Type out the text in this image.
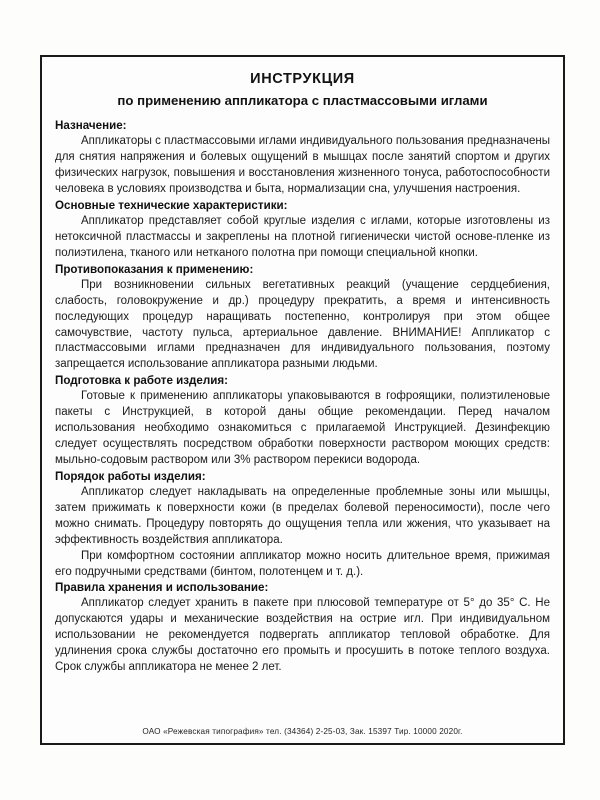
ИНСТРУКЦИЯ
по применению аппликатора с пластмассовыми иглами
Назначение:

Аппликаторы с пластмассовыми иглами индивидуального пользования предназначены для снятия напряжения и болевых ощущений в мышцах после занятий спортом и других физических нагрузок, повышения и восстановления жизненного тонуса, работоспособности человека в условиях производства и быта, нормализации сна, улучшения настроения.

Основные технические характеристики:

Аппликатор представляет собой круглые изделия с иглами, которые изготовлены из нетоксичной пластмассы и закреплены на плотной гигиенически чистой основе-пленке из полиэтилена, тканого или нетканого полотна при помощи специальной кнопки.

Противопоказания к применению:

При возникновении сильных вегетативных реакций (учащение сердцебиения, слабость, головокружение и др.) процедуру прекратить, а время и интенсивность последующих процедур наращивать постепенно, контролируя при этом общее самочувствие, частоту пульса, артериальное давление. ВНИМАНИЕ! Аппликатор с пластмассовыми иглами предназначен для индивидуального пользования, поэтому запрещается использование аппликатора разными людьми.

Подготовка к работе изделия:

Готовые к применению аппликаторы упаковываются в гофроящики, полиэтиленовые пакеты с Инструкцией, в которой даны общие рекомендации. Перед началом использования необходимо ознакомиться с прилагаемой Инструкцией. Дезинфекцию следует осуществлять посредством обработки поверхности раствором моющих средств: мыльно-содовым раствором или 3% раствором перекиси водорода.

Порядок работы изделия:

Аппликатор следует накладывать на определенные проблемные зоны или мышцы, затем прижимать к поверхности кожи (в пределах болевой переносимости), после чего можно снимать. Процедуру повторять до ощущения тепла или жжения, что указывает на эффективность воздействия аппликатора.

При комфортном состоянии аппликатор можно носить длительное время, прижимая его подручными средствами (бинтом, полотенцем и т. д.).

Правила хранения и использование:

Аппликатор следует хранить в пакете при плюсовой температуре от 5° до 35° С. Не допускаются удары и механические воздействия на острие игл. При индивидуальном использовании не рекомендуется подвергать аппликатор тепловой обработке. Для удлинения срока службы достаточно его промыть и просушить в потоке теплого воздуха. Срок службы аппликатора не менее 2 лет.

ОАО «Режевская типография» тел. (34364) 2-25-03, Зак. 15397 Тир. 10000 2020г.
